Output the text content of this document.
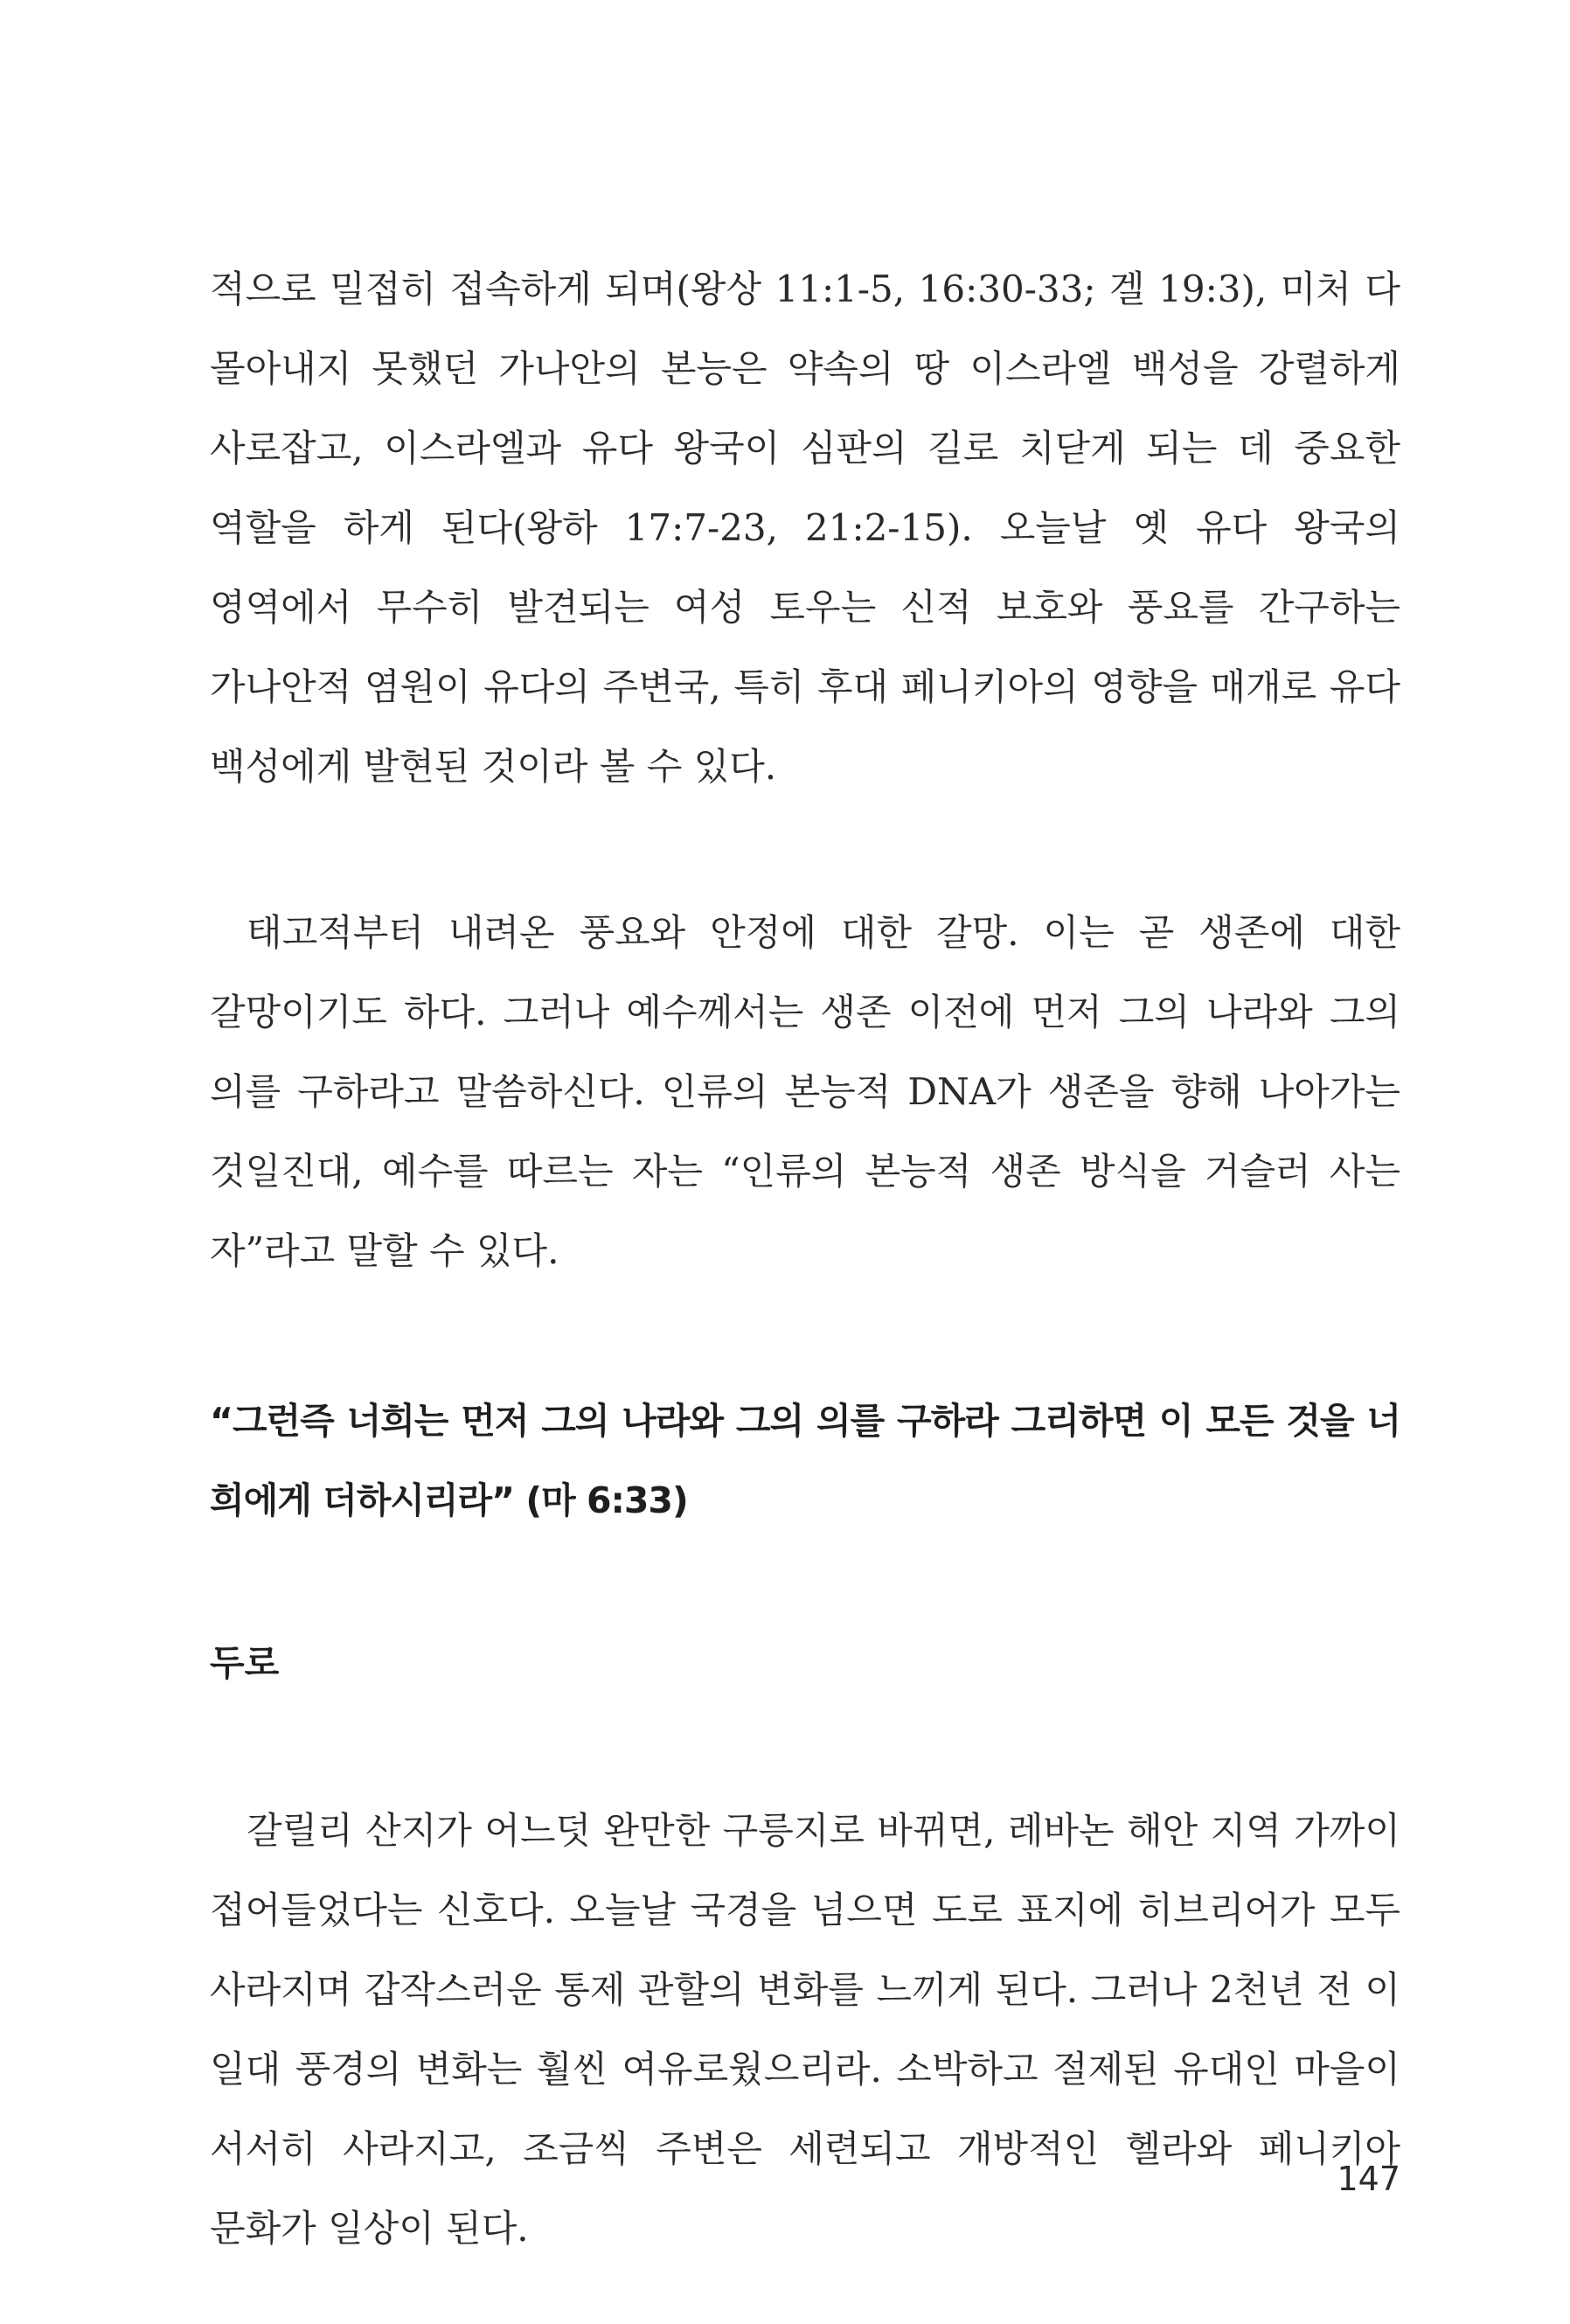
적으로 밀접히 접속하게 되며(왕상 11:1-5, 16:30-33; 겔 19:3), 미처 다 몰아내지 못했던 가나안의 본능은 약속의 땅 이스라엘 백성을 강렬하게 사로잡고, 이스라엘과 유다 왕국이 심판의 길로 치닫게 되는 데 중요한 역할을 하게 된다(왕하 17:7-23, 21:2-15). 오늘날 옛 유다 왕국의 영역에서 무수히 발견되는 여성 토우는 신적 보호와 풍요를 간구하는 가나안적 염원이 유다의 주변국, 특히 후대 페니키아의 영향을 매개로 유다 백성에게 발현된 것이라 볼 수 있다.

태고적부터 내려온 풍요와 안정에 대한 갈망. 이는 곧 생존에 대한 갈망이기도 하다. 그러나 예수께서는 생존 이전에 먼저 그의 나라와 그의 의를 구하라고 말씀하신다. 인류의 본능적 DNA가 생존을 향해 나아가는 것일진대, 예수를 따르는 자는 “인류의 본능적 생존 방식을 거슬러 사는 자”라고 말할 수 있다.

“그런즉 너희는 먼저 그의 나라와 그의 의를 구하라 그리하면 이 모든 것을 너희에게 더하시리라” (마 6:33)

두로

갈릴리 산지가 어느덧 완만한 구릉지로 바뀌면, 레바논 해안 지역 가까이 접어들었다는 신호다. 오늘날 국경을 넘으면 도로 표지에 히브리어가 모두 사라지며 갑작스러운 통제 관할의 변화를 느끼게 된다. 그러나 2천년 전 이 일대 풍경의 변화는 훨씬 여유로웠으리라. 소박하고 절제된 유대인 마을이 서서히 사라지고, 조금씩 주변은 세련되고 개방적인 헬라와 페니키아 문화가 일상이 된다.

147
